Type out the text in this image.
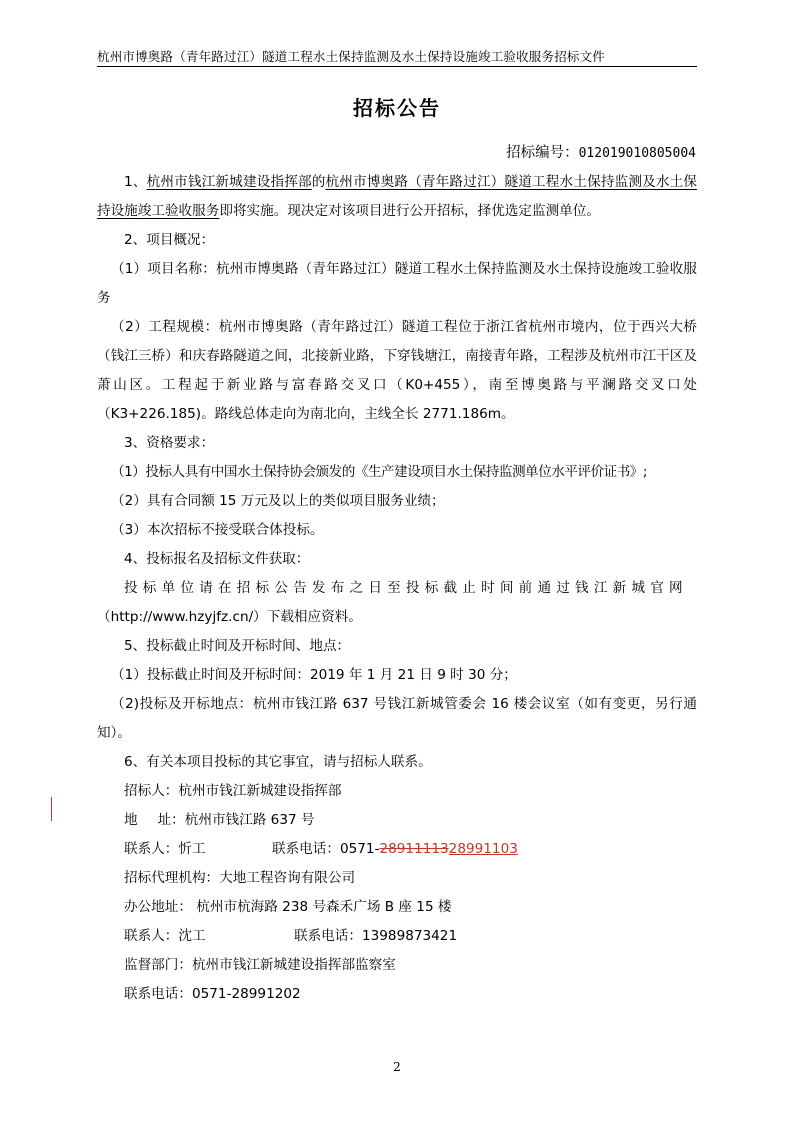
杭州市博奥路（青年路过江）隧道工程水土保持监测及水土保持设施竣工验收服务招标文件
招标公告
招标编号：012019010805004

1、杭州市钱江新城建设指挥部的杭州市博奥路（青年路过江）隧道工程水土保持监测及水土保持设施竣工验收服务即将实施。现决定对该项目进行公开招标，择优选定监测单位。

2、项目概况：

（1）项目名称：杭州市博奥路（青年路过江）隧道工程水土保持监测及水土保持设施竣工验收服务

（2）工程规模：杭州市博奥路（青年路过江）隧道工程位于浙江省杭州市境内，位于西兴大桥（钱江三桥）和庆春路隧道之间，北接新业路，下穿钱塘江，南接青年路，工程涉及杭州市江干区及萧山区。工程起于新业路与富春路交叉口（K0+455），南至博奥路与平澜路交叉口处（K3+226.185)。路线总体走向为南北向，主线全长 2771.186m。

3、资格要求：

（1）投标人具有中国水土保持协会颁发的《生产建设项目水土保持监测单位水平评价证书》;

（2）具有合同额 15 万元及以上的类似项目服务业绩；

（3）本次招标不接受联合体投标。

4、投标报名及招标文件获取：

投标单位请在招标公告发布之日至投标截止时间前通过钱江新城官网

（http://www.hzyjfz.cn/）下载相应资料。

5、投标截止时间及开标时间、地点：

（1）投标截止时间及开标时间：2019 年 1 月 21 日 9 时 30 分；

（2)投标及开标地点：杭州市钱江路 637 号钱江新城管委会 16 楼会议室（如有变更，另行通知）。

6、有关本项目投标的其它事宜，请与招标人联系。

招标人：杭州市钱江新城建设指挥部

地 址：杭州市钱江路 637 号

联系人：忻工	联系电话：0571-2891111328991103

招标代理机构：大地工程咨询有限公司

办公地址： 杭州市杭海路 238 号森禾广场 B 座 15 楼

联系人：沈工	联系电话：13989873421

监督部门：杭州市钱江新城建设指挥部监察室

联系电话：0571-28991202

2
